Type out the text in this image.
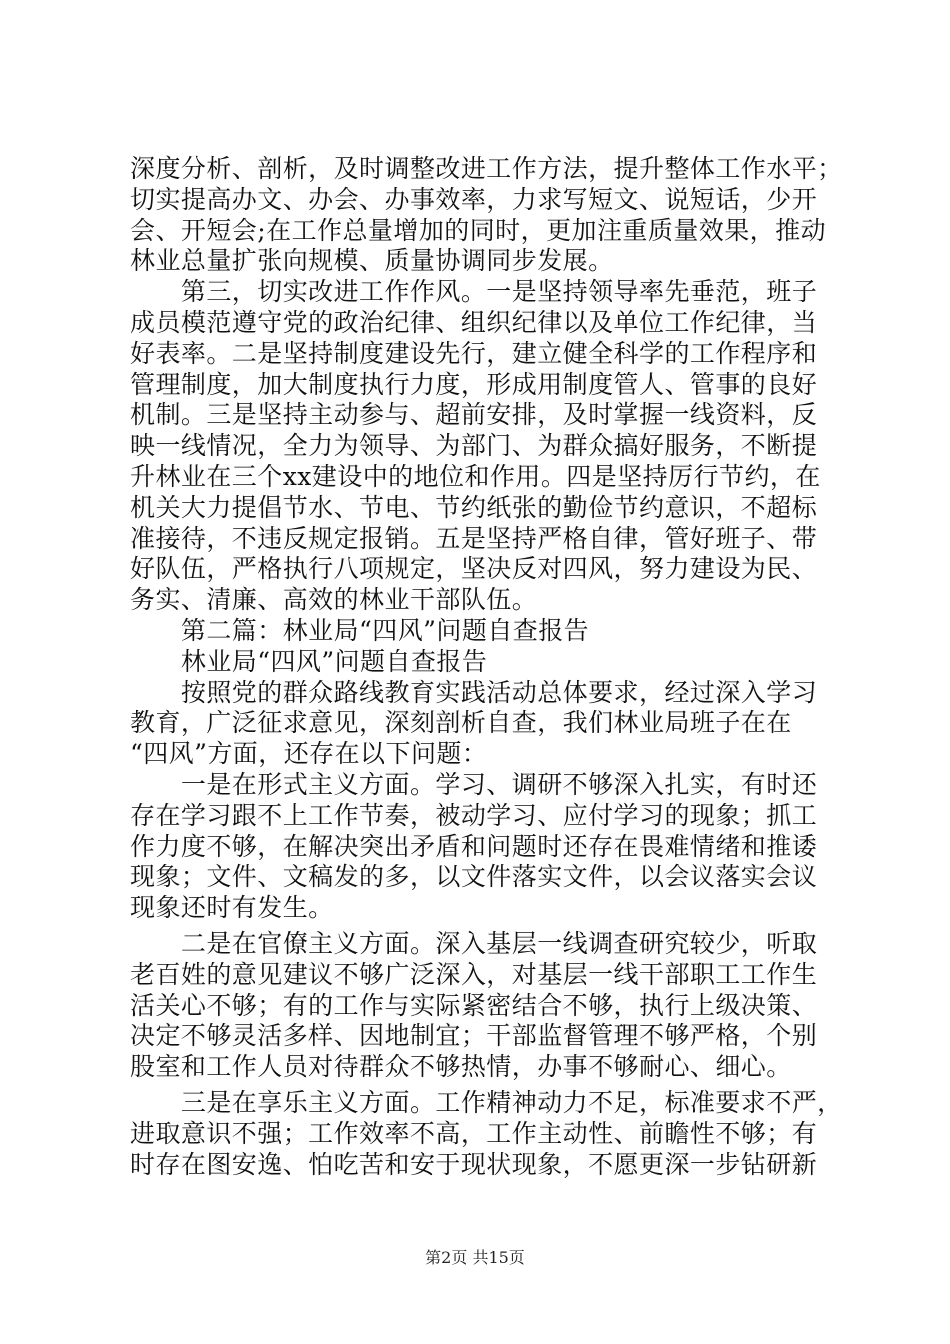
深度分析、剖析，及时调整改进工作方法，提升整体工作水平；
切实提高办文、办会、办事效率，力求写短文、说短话，少开
会、开短会;在工作总量增加的同时，更加注重质量效果，推动
林业总量扩张向规模、质量协调同步发展。
　　第三，切实改进工作作风。一是坚持领导率先垂范，班子
成员模范遵守党的政治纪律、组织纪律以及单位工作纪律，当
好表率。二是坚持制度建设先行，建立健全科学的工作程序和
管理制度，加大制度执行力度，形成用制度管人、管事的良好
机制。三是坚持主动参与、超前安排，及时掌握一线资料，反
映一线情况，全力为领导、为部门、为群众搞好服务，不断提
升林业在三个xx建设中的地位和作用。四是坚持厉行节约，在
机关大力提倡节水、节电、节约纸张的勤俭节约意识，不超标
准接待，不违反规定报销。五是坚持严格自律，管好班子、带
好队伍，严格执行八项规定，坚决反对四风，努力建设为民、
务实、清廉、高效的林业干部队伍。
　　第二篇：林业局“四风”问题自查报告
　　林业局“四风”问题自查报告
　　按照党的群众路线教育实践活动总体要求，经过深入学习
教育，广泛征求意见，深刻剖析自查，我们林业局班子在在
“四风”方面，还存在以下问题：
　　一是在形式主义方面。学习、调研不够深入扎实，有时还
存在学习跟不上工作节奏，被动学习、应付学习的现象；抓工
作力度不够，在解决突出矛盾和问题时还存在畏难情绪和推诿
现象；文件、文稿发的多，以文件落实文件，以会议落实会议
现象还时有发生。
　　二是在官僚主义方面。深入基层一线调查研究较少，听取
老百姓的意见建议不够广泛深入，对基层一线干部职工工作生
活关心不够；有的工作与实际紧密结合不够，执行上级决策、
决定不够灵活多样、因地制宜；干部监督管理不够严格，个别
股室和工作人员对待群众不够热情，办事不够耐心、细心。
　　三是在享乐主义方面。工作精神动力不足，标准要求不严，
进取意识不强；工作效率不高，工作主动性、前瞻性不够；有
时存在图安逸、怕吃苦和安于现状现象，不愿更深一步钻研新
第2页 共15页
